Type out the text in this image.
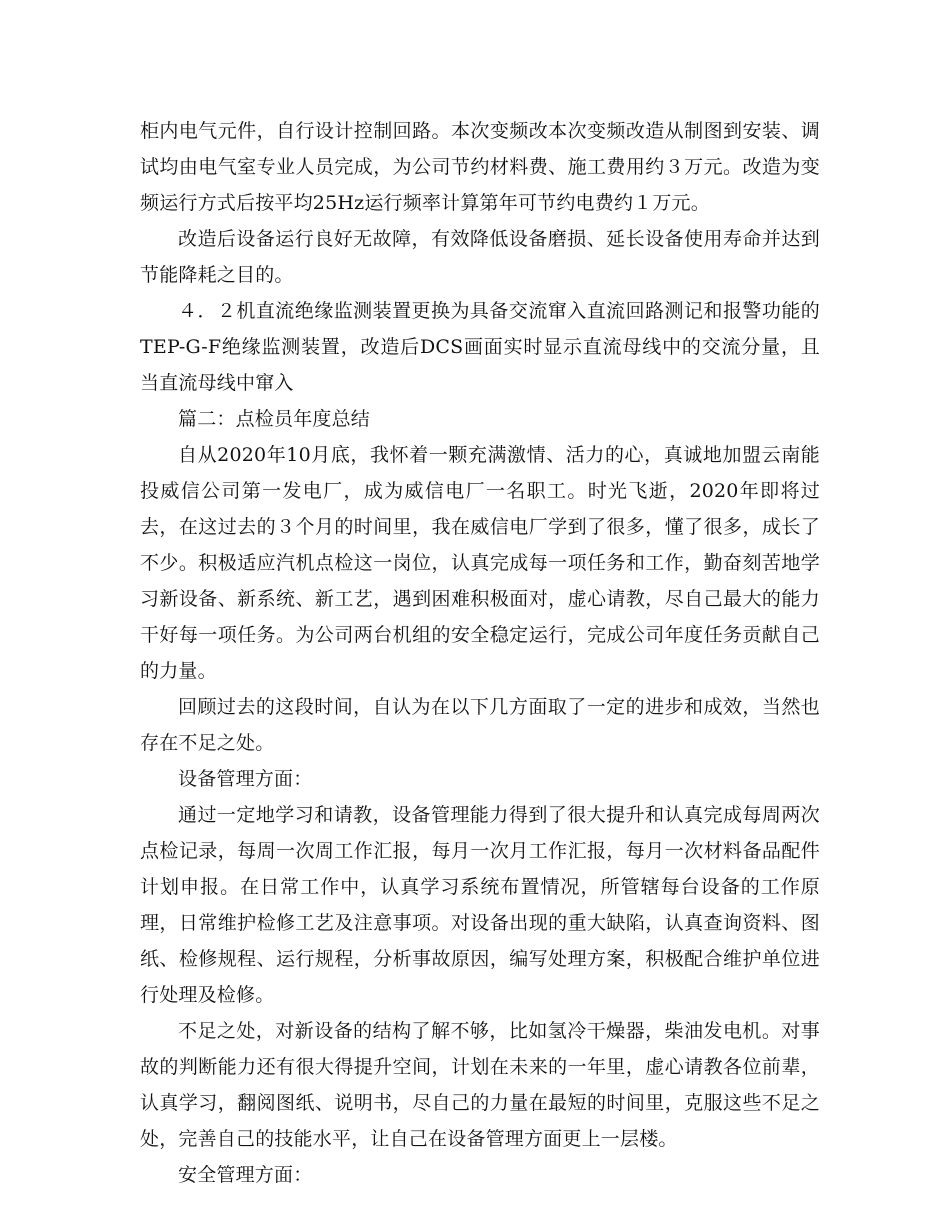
柜内电气元件，自行设计控制回路。本次变频改本次变频改造从制图到安装、调试均由电气室专业人员完成，为公司节约材料费、施工费用约３万元。改造为变频运行方式后按平均25Hz运行频率计算第年可节约电费约１万元。

改造后设备运行良好无故障，有效降低设备磨损、延长设备使用寿命并达到节能降耗之目的。

４．２机直流绝缘监测装置更换为具备交流窜入直流回路测记和报警功能的TEP-G-F绝缘监测装置，改造后DCS画面实时显示直流母线中的交流分量，且当直流母线中窜入

篇二：点检员年度总结

自从2020年10月底，我怀着一颗充满激情、活力的心，真诚地加盟云南能投威信公司第一发电厂，成为威信电厂一名职工。时光飞逝，2020年即将过去，在这过去的３个月的时间里，我在威信电厂学到了很多，懂了很多，成长了不少。积极适应汽机点检这一岗位，认真完成每一项任务和工作，勤奋刻苦地学习新设备、新系统、新工艺，遇到困难积极面对，虚心请教，尽自己最大的能力干好每一项任务。为公司两台机组的安全稳定运行，完成公司年度任务贡献自己的力量。

回顾过去的这段时间，自认为在以下几方面取了一定的进步和成效，当然也存在不足之处。

设备管理方面：

通过一定地学习和请教，设备管理能力得到了很大提升和认真完成每周两次点检记录，每周一次周工作汇报，每月一次月工作汇报，每月一次材料备品配件计划申报。在日常工作中，认真学习系统布置情况，所管辖每台设备的工作原理，日常维护检修工艺及注意事项。对设备出现的重大缺陷，认真查询资料、图纸、检修规程、运行规程，分析事故原因，编写处理方案，积极配合维护单位进行处理及检修。

不足之处，对新设备的结构了解不够，比如氢冷干燥器，柴油发电机。对事故的判断能力还有很大得提升空间，计划在未来的一年里，虚心请教各位前辈，认真学习，翻阅图纸、说明书，尽自己的力量在最短的时间里，克服这些不足之处，完善自己的技能水平，让自己在设备管理方面更上一层楼。

安全管理方面：
